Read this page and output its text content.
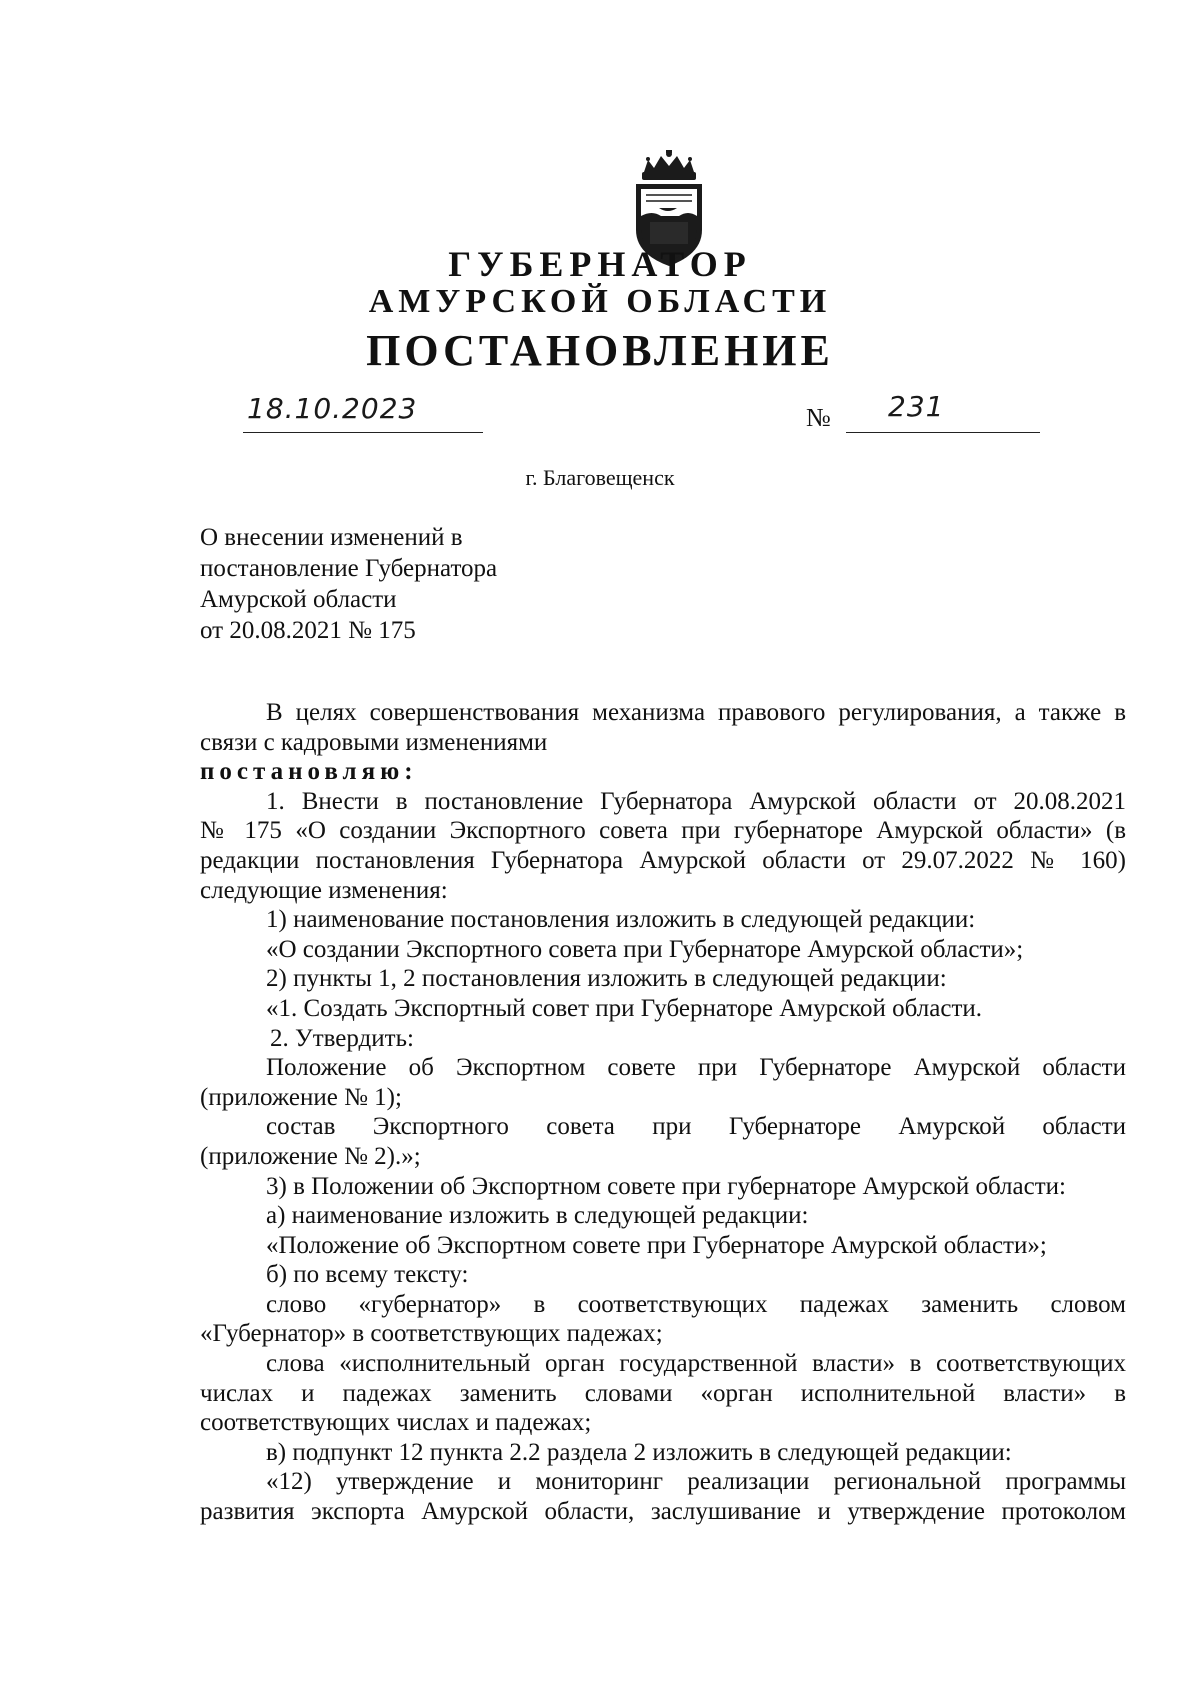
ГУБЕРНАТОР
АМУРСКОЙ ОБЛАСТИ
ПОСТАНОВЛЕНИЕ
18.10.2023	№ 231
г. Благовещенск
О внесении изменений в
постановление Губернатора
Амурской области
от 20.08.2021 № 175

В целях совершенствования механизма правового регулирования, а также в

связи с кадровыми изменениями

постановляю:

1. Внести в постановление Губернатора Амурской области от 20.08.2021

№ 175 «О создании Экспортного совета при губернаторе Амурской области» (в

редакции постановления Губернатора Амурской области от 29.07.2022 № 160)

следующие изменения:

1) наименование постановления изложить в следующей редакции:

«О создании Экспортного совета при Губернаторе Амурской области»;

2) пункты 1, 2 постановления изложить в следующей редакции:

«1. Создать Экспортный совет при Губернаторе Амурской области.

2. Утвердить:

Положение об Экспортном совете при Губернаторе Амурской области

(приложение № 1);

состав Экспортного совета при Губернаторе Амурской области

(приложение № 2).»;

3) в Положении об Экспортном совете при губернаторе Амурской области:

а) наименование изложить в следующей редакции:

«Положение об Экспортном совете при Губернаторе Амурской области»;

б) по всему тексту:

слово «губернатор» в соответствующих падежах заменить словом

«Губернатор» в соответствующих падежах;

слова «исполнительный орган государственной власти» в соответствующих

числах и падежах заменить словами «орган исполнительной власти» в

соответствующих числах и падежах;

в) подпункт 12 пункта 2.2 раздела 2 изложить в следующей редакции:

«12) утверждение и мониторинг реализации региональной программы

развития экспорта Амурской области, заслушивание и утверждение протоколом
